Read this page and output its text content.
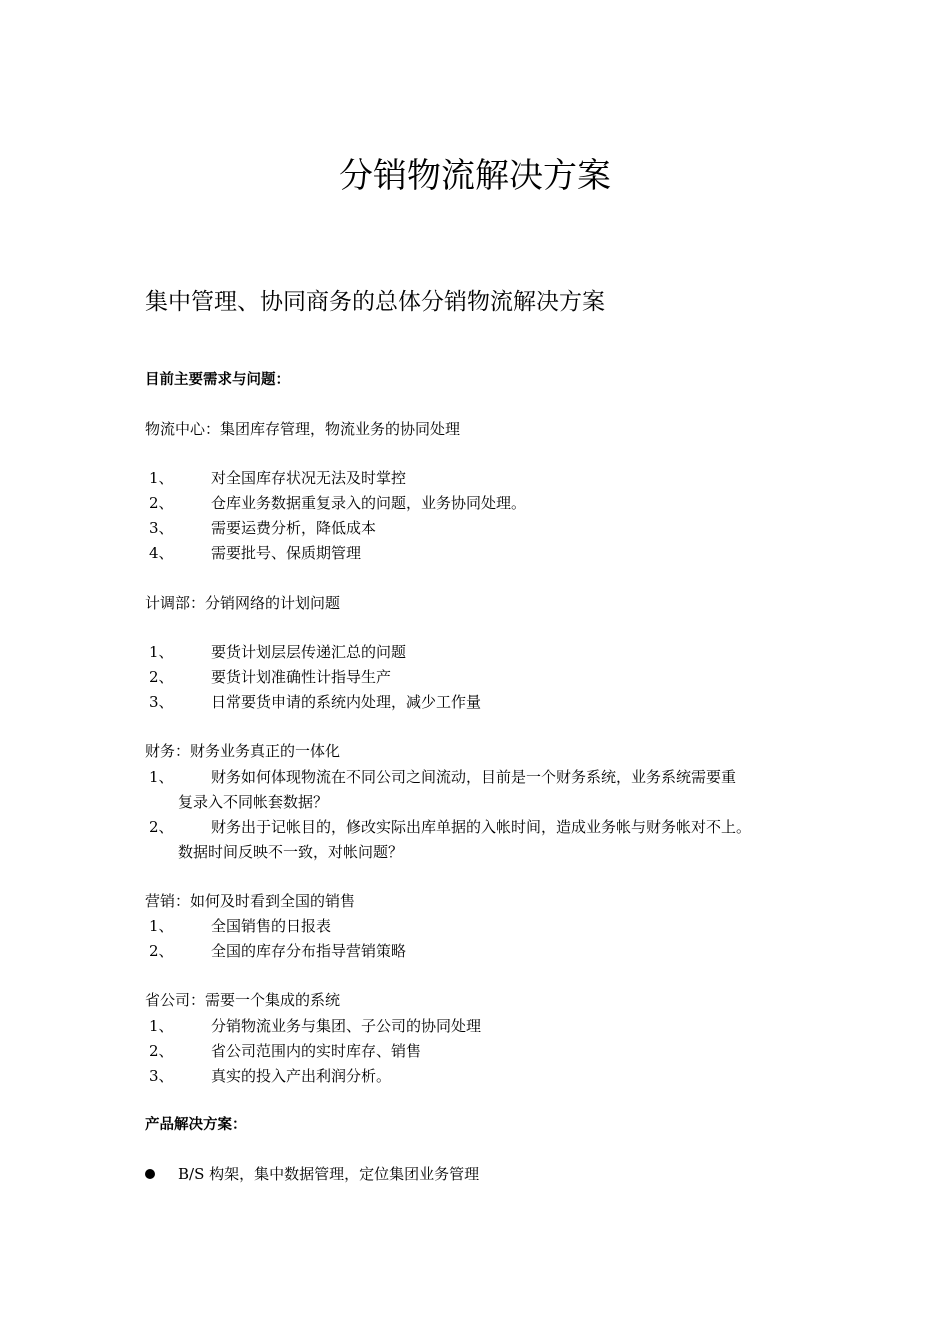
分销物流解决方案
集中管理、协同商务的总体分销物流解决方案

目前主要需求与问题：

物流中心：集团库存管理，物流业务的协同处理

1、 对全国库存状况无法及时掌控
2、 仓库业务数据重复录入的问题，业务协同处理。
3、 需要运费分析，降低成本
4、 需要批号、保质期管理

计调部：分销网络的计划问题

1、 要货计划层层传递汇总的问题
2、 要货计划准确性计指导生产
3、 日常要货申请的系统内处理，减少工作量

财务：财务业务真正的一体化

1、 财务如何体现物流在不同公司之间流动，目前是一个财务系统，业务系统需要重
复录入不同帐套数据？
2、 财务出于记帐目的，修改实际出库单据的入帐时间，造成业务帐与财务帐对不上。
数据时间反映不一致，对帐问题？

营销：如何及时看到全国的销售

1、 全国销售的日报表
2、 全国的库存分布指导营销策略

省公司：需要一个集成的系统

1、 分销物流业务与集团、子公司的协同处理
2、 省公司范围内的实时库存、销售
3、 真实的投入产出利润分析。

产品解决方案：

B/S 构架，集中数据管理，定位集团业务管理
